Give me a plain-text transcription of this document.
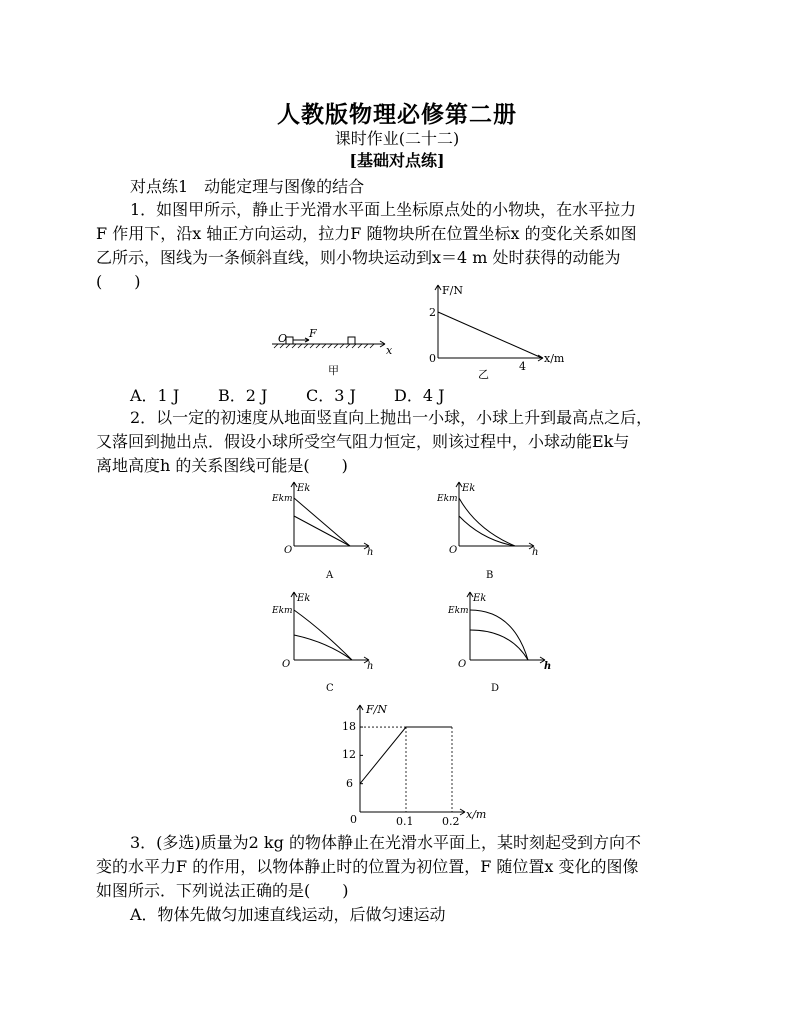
人教版物理必修第二册
课时作业(二十二)
[基础对点练]
对点练1　动能定理与图像的结合
1．如图甲所示，静止于光滑水平面上坐标原点处的小物块，在水平拉力
F 作用下，沿x 轴正方向运动，拉力F 随物块所在位置坐标x 的变化关系如图
乙所示，图线为一条倾斜直线，则小物块运动到x＝4 m 处时获得的动能为
(　　)
O F
x
甲
F/N
x/m
2
4
0
乙
A．1 J B．2 J C．3 J D．4 J
2．以一定的初速度从地面竖直向上抛出一小球，小球上升到最高点之后，
又落回到抛出点．假设小球所受空气阻力恒定，则该过程中，小球动能Ek与
离地高度h 的关系图线可能是(　　)
Ek
Ekm
O	h
A
Ek
Ekm
O	h
B
Ek
Ekm
O	h
C
Ek
Ekm
O	h
D
F/N
x/m
0
18
12
6
0.1	0.2
3．(多选)质量为2 kg 的物体静止在光滑水平面上，某时刻起受到方向不
变的水平力F 的作用，以物体静止时的位置为初位置，F 随位置x 变化的图像
如图所示．下列说法正确的是(　　)
A．物体先做匀加速直线运动，后做匀速运动
